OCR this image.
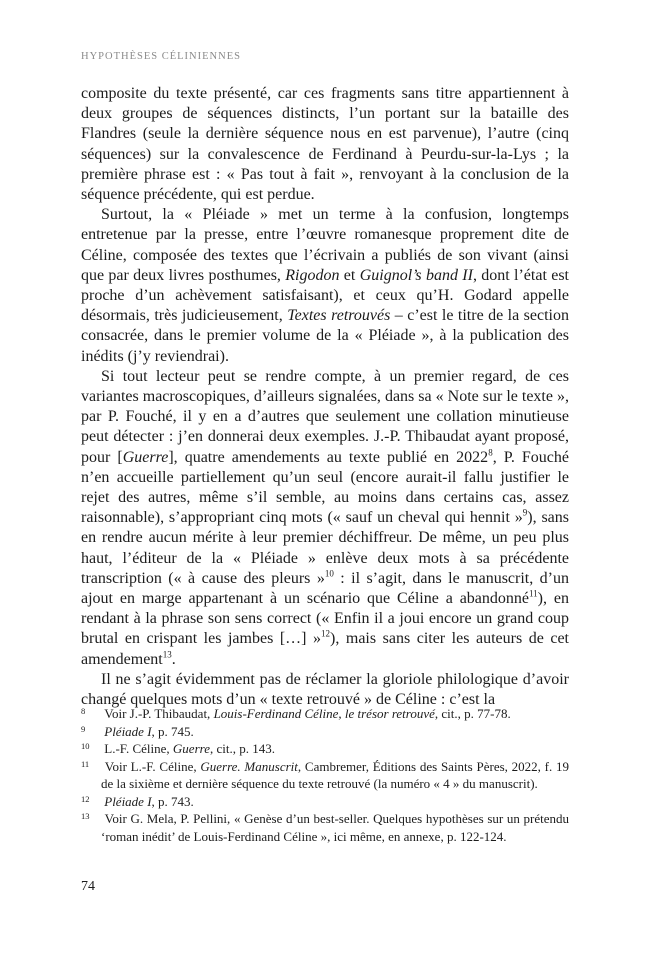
HYPOTHÈSES CÉLINIENNES

composite du texte présenté, car ces fragments sans titre appartiennent à deux groupes de séquences distincts, l’un portant sur la bataille des Flandres (seule la dernière séquence nous en est parvenue), l’autre (cinq séquences) sur la convalescence de Ferdinand à Peurdu-sur-la-Lys ; la première phrase est : « Pas tout à fait », renvoyant à la conclusion de la séquence précédente, qui est perdue.

Surtout, la « Pléiade » met un terme à la confusion, longtemps entretenue par la presse, entre l’œuvre romanesque proprement dite de Céline, composée des textes que l’écrivain a publiés de son vivant (ainsi que par deux livres posthumes, Rigodon et Guignol’s band II, dont l’état est proche d’un achèvement satisfaisant), et ceux qu’H. Godard appelle désormais, très judicieusement, Textes retrouvés – c’est le titre de la section consacrée, dans le premier volume de la « Pléiade », à la publication des inédits (j’y reviendrai).

Si tout lecteur peut se rendre compte, à un premier regard, de ces variantes macroscopiques, d’ailleurs signalées, dans sa « Note sur le texte », par P. Fouché, il y en a d’autres que seulement une collation minutieuse peut détecter : j’en donnerai deux exemples. J.-P. Thibaudat ayant proposé, pour [Guerre], quatre amendements au texte publié en 2022$^8$, P. Fouché n’en accueille partiellement qu’un seul (encore aurait-il fallu justifier le rejet des autres, même s’il semble, au moins dans certains cas, assez raisonnable), s’appropriant cinq mots (« sauf un cheval qui hennit »$^9$), sans en rendre aucun mérite à leur premier déchiffreur. De même, un peu plus haut, l’éditeur de la « Pléiade » enlève deux mots à sa précédente transcription (« à cause des pleurs »$^{10}$ : il s’agit, dans le manuscrit, d’un ajout en marge appartenant à un scénario que Céline a abandonné$^{11}$), en rendant à la phrase son sens correct (« Enfin il a joui encore un grand coup brutal en crispant les jambes […] »$^{12}$), mais sans citer les auteurs de cet amendement$^{13}$.

Il ne s’agit évidemment pas de réclamer la gloriole philologique d’avoir changé quelques mots d’un « texte retrouvé » de Céline : c’est la

8 Voir J.-P. Thibaudat, Louis-Ferdinand Céline, le trésor retrouvé, cit., p. 77-78.
9 Pléiade I, p. 745.
10 L.-F. Céline, Guerre, cit., p. 143.
11 Voir L.-F. Céline, Guerre. Manuscrit, Cambremer, Éditions des Saints Pères, 2022, f. 19 de la sixième et dernière séquence du texte retrouvé (la numéro « 4 » du manuscrit).
12 Pléiade I, p. 743.
13 Voir G. Mela, P. Pellini, « Genèse d’un best-seller. Quelques hypothèses sur un prétendu ‘roman inédit’ de Louis-Ferdinand Céline », ici même, en annexe, p. 122-124.
74
